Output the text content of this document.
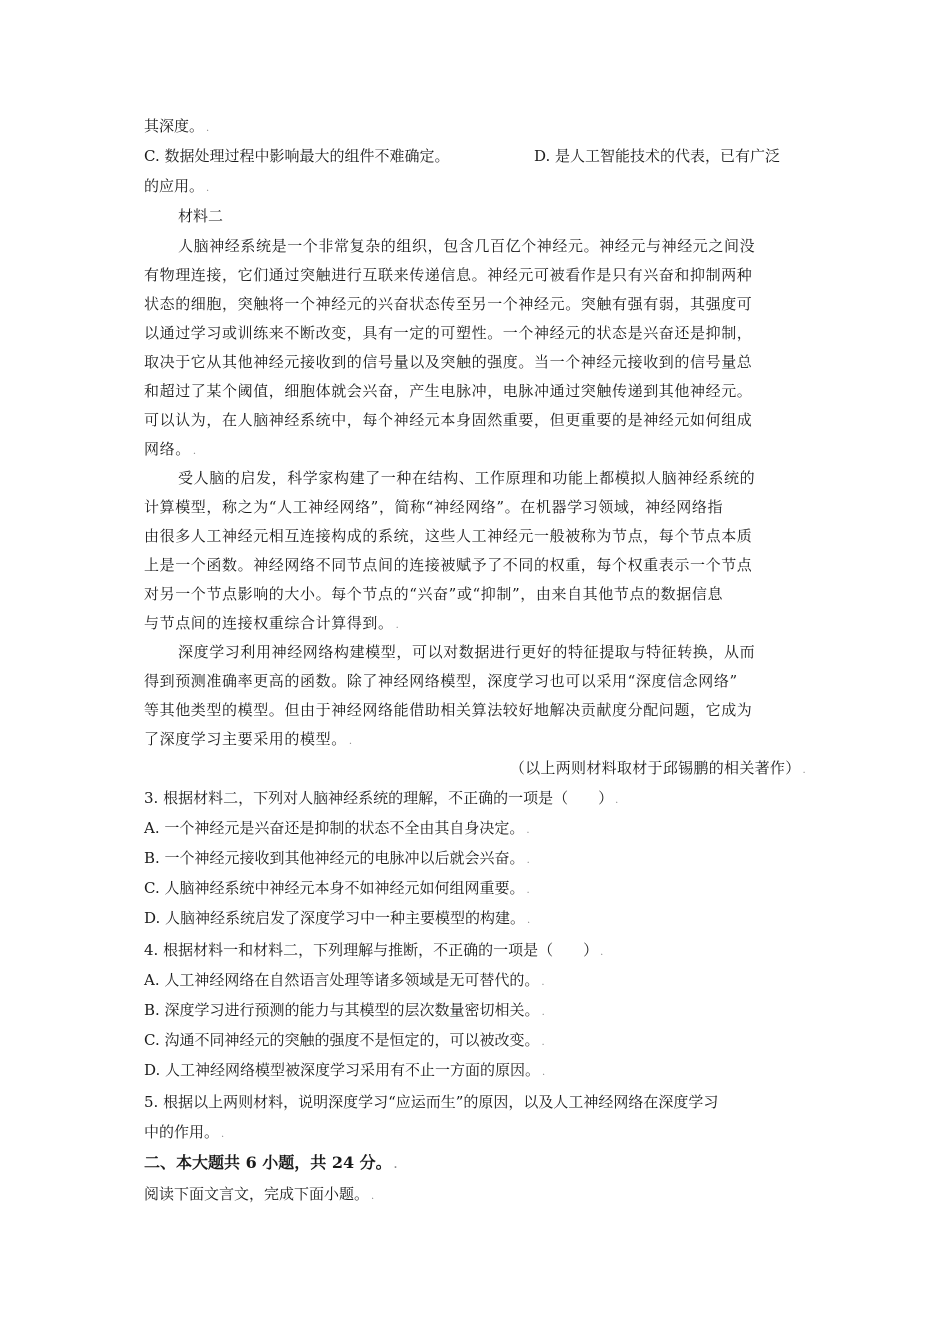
其深度。 .
C. 数据处理过程中影响最大的组件不难确定。	D. 是人工智能技术的代表，已有广泛
的应用。 .
材料二
人脑神经系统是一个非常复杂的组织，包含几百亿个神经元。神经元与神经元之间没
有物理连接，它们通过突触进行互联来传递信息。神经元可被看作是只有兴奋和抑制两种
状态的细胞，突触将一个神经元的兴奋状态传至另一个神经元。突触有强有弱，其强度可
以通过学习或训练来不断改变，具有一定的可塑性。一个神经元的状态是兴奋还是抑制，
取决于它从其他神经元接收到的信号量以及突触的强度。当一个神经元接收到的信号量总
和超过了某个阈值，细胞体就会兴奋，产生电脉冲，电脉冲通过突触传递到其他神经元。
可以认为，在人脑神经系统中，每个神经元本身固然重要，但更重要的是神经元如何组成
网络。 .
受人脑的启发，科学家构建了一种在结构、工作原理和功能上都模拟人脑神经系统的
计算模型，称之为“人工神经网络”，简称“神经网络”。在机器学习领域，神经网络指
由很多人工神经元相互连接构成的系统，这些人工神经元一般被称为节点，每个节点本质
上是一个函数。神经网络不同节点间的连接被赋予了不同的权重，每个权重表示一个节点
对另一个节点影响的大小。每个节点的“兴奋”或“抑制”，由来自其他节点的数据信息
与节点间的连接权重综合计算得到。 .
深度学习利用神经网络构建模型，可以对数据进行更好的特征提取与特征转换，从而
得到预测准确率更高的函数。除了神经网络模型，深度学习也可以采用“深度信念网络”
等其他类型的模型。但由于神经网络能借助相关算法较好地解决贡献度分配问题，它成为
了深度学习主要采用的模型。 .
（以上两则材料取材于邱锡鹏的相关著作） .
3. 根据材料二，下列对人脑神经系统的理解，不正确的一项是（　　） .
A. 一个神经元是兴奋还是抑制的状态不全由其自身决定。 .
B. 一个神经元接收到其他神经元的电脉冲以后就会兴奋。 .
C. 人脑神经系统中神经元本身不如神经元如何组网重要。 .
D. 人脑神经系统启发了深度学习中一种主要模型的构建。 .
4. 根据材料一和材料二，下列理解与推断，不正确的一项是（　　） .
A. 人工神经网络在自然语言处理等诸多领域是无可替代的。 .
B. 深度学习进行预测的能力与其模型的层次数量密切相关。 .
C. 沟通不同神经元的突触的强度不是恒定的，可以被改变。 .
D. 人工神经网络模型被深度学习采用有不止一方面的原因。 .
5. 根据以上两则材料，说明深度学习“应运而生”的原因，以及人工神经网络在深度学习
中的作用。 .
二、本大题共 6 小题，共 24 分。 .
阅读下面文言文，完成下面小题。 .
